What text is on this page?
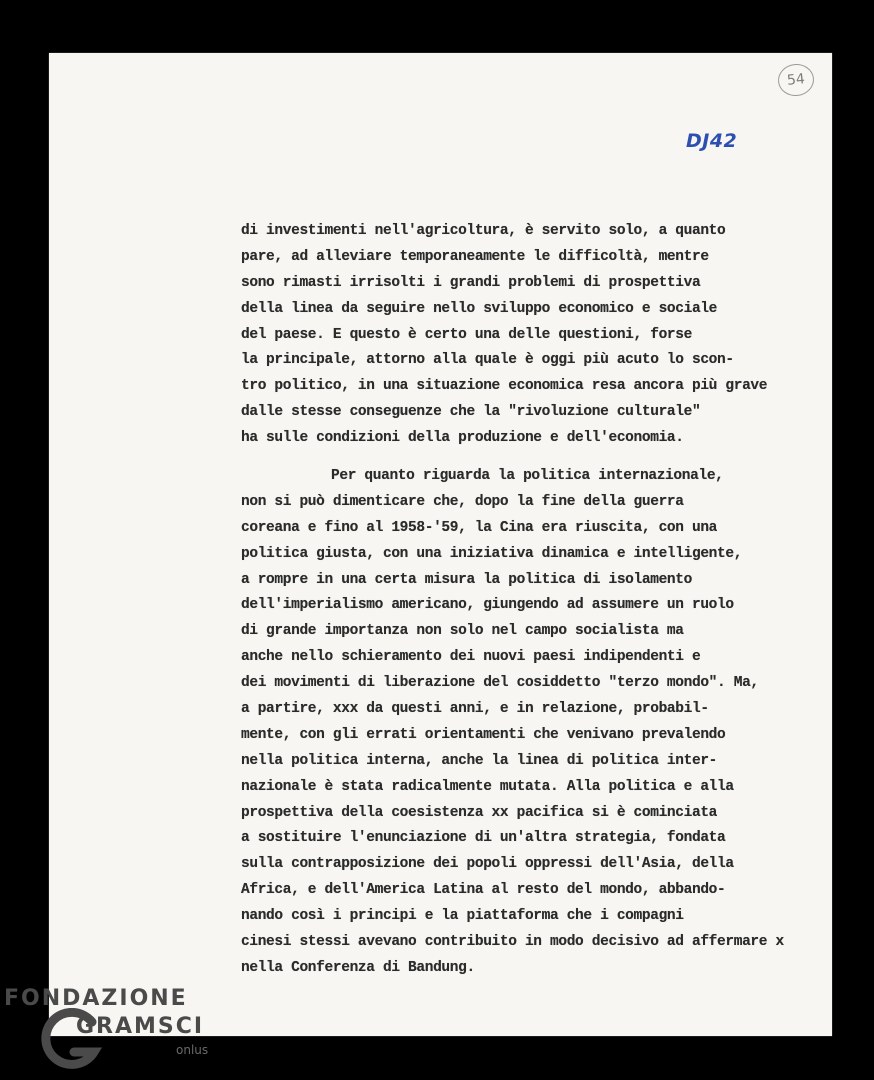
54
DJ42
di investimenti nell'agricoltura, è servito solo, a quanto
pare, ad alleviare temporaneamente le difficoltà, mentre
sono rimasti irrisolti i grandi problemi di prospettiva
della linea da seguire nello sviluppo economico e sociale
del paese. E questo è certo una delle questioni, forse
la principale, attorno alla quale è oggi più acuto lo scon-
tro politico, in una situazione economica resa ancora più grave
dalle stesse conseguenze che la "rivoluzione culturale"
ha sulle condizioni della produzione e dell'economia.
Per quanto riguarda la politica internazionale,
non si può dimenticare che, dopo la fine della guerra
coreana e fino al 1958-'59, la Cina era riuscita, con una
politica giusta, con una iniziativa dinamica e intelligente,
a rompre in una certa misura la politica di isolamento
dell'imperialismo americano, giungendo ad assumere un ruolo
di grande importanza non solo nel campo socialista ma
anche nello schieramento dei nuovi paesi indipendenti e
dei movimenti di liberazione del cosiddetto "terzo mondo". Ma,
a partire, xxx da questi anni, e in relazione, probabil-
mente, con gli errati orientamenti che venivano prevalendo
nella politica interna, anche la linea di politica inter-
nazionale è stata radicalmente mutata. Alla politica e alla
prospettiva della coesistenza xx pacifica si è cominciata
a sostituire l'enunciazione di un'altra strategia, fondata
sulla contrapposizione dei popoli oppressi dell'Asia, della
Africa, e dell'America Latina al resto del mondo, abbando-
nando così i principi e la piattaforma che i compagni
cinesi stessi avevano contribuito in modo decisivo ad affermare x
nella Conferenza di Bandung.
FONDAZIONE
GRAMSCI
onlus
